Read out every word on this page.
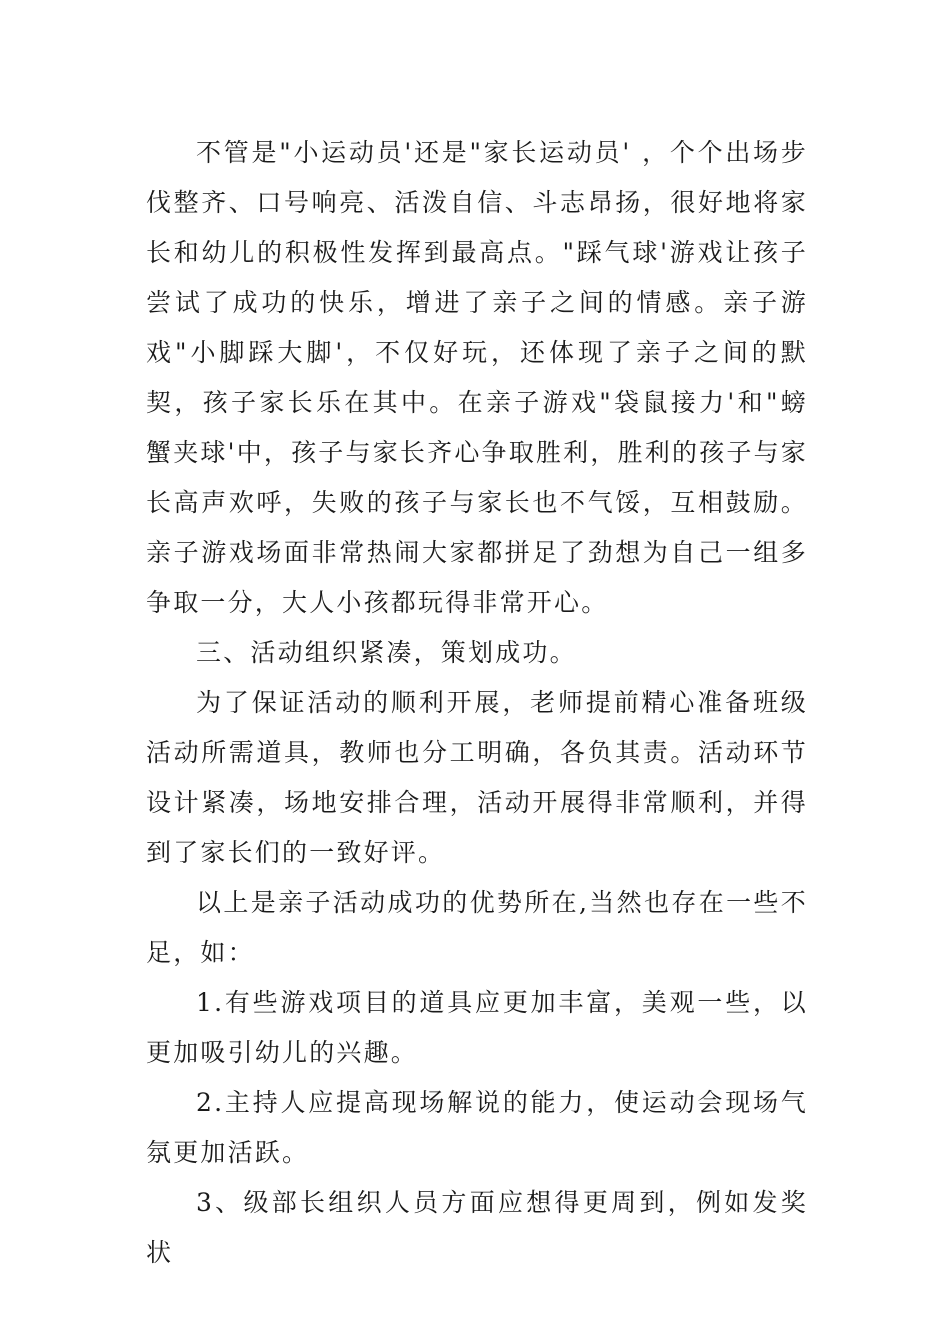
不管是"小运动员'还是"家长运动员' ，个个出场步伐整齐、口号响亮、活泼自信、斗志昂扬，很好地将家长和幼儿的积极性发挥到最高点。"踩气球'游戏让孩子尝试了成功的快乐，增进了亲子之间的情感。亲子游戏"小脚踩大脚'，不仅好玩，还体现了亲子之间的默契，孩子家长乐在其中。在亲子游戏"袋鼠接力'和"螃蟹夹球'中，孩子与家长齐心争取胜利，胜利的孩子与家长高声欢呼，失败的孩子与家长也不气馁，互相鼓励。亲子游戏场面非常热闹大家都拼足了劲想为自己一组多争取一分，大人小孩都玩得非常开心。

三、活动组织紧凑，策划成功。

为了保证活动的顺利开展，老师提前精心准备班级活动所需道具，教师也分工明确，各负其责。活动环节设计紧凑，场地安排合理，活动开展得非常顺利，并得到了家长们的一致好评。

以上是亲子活动成功的优势所在,当然也存在一些不足，如：

1.有些游戏项目的道具应更加丰富，美观一些，以更加吸引幼儿的兴趣。

2.主持人应提高现场解说的能力，使运动会现场气氛更加活跃。

3、级部长组织人员方面应想得更周到，例如发奖状
